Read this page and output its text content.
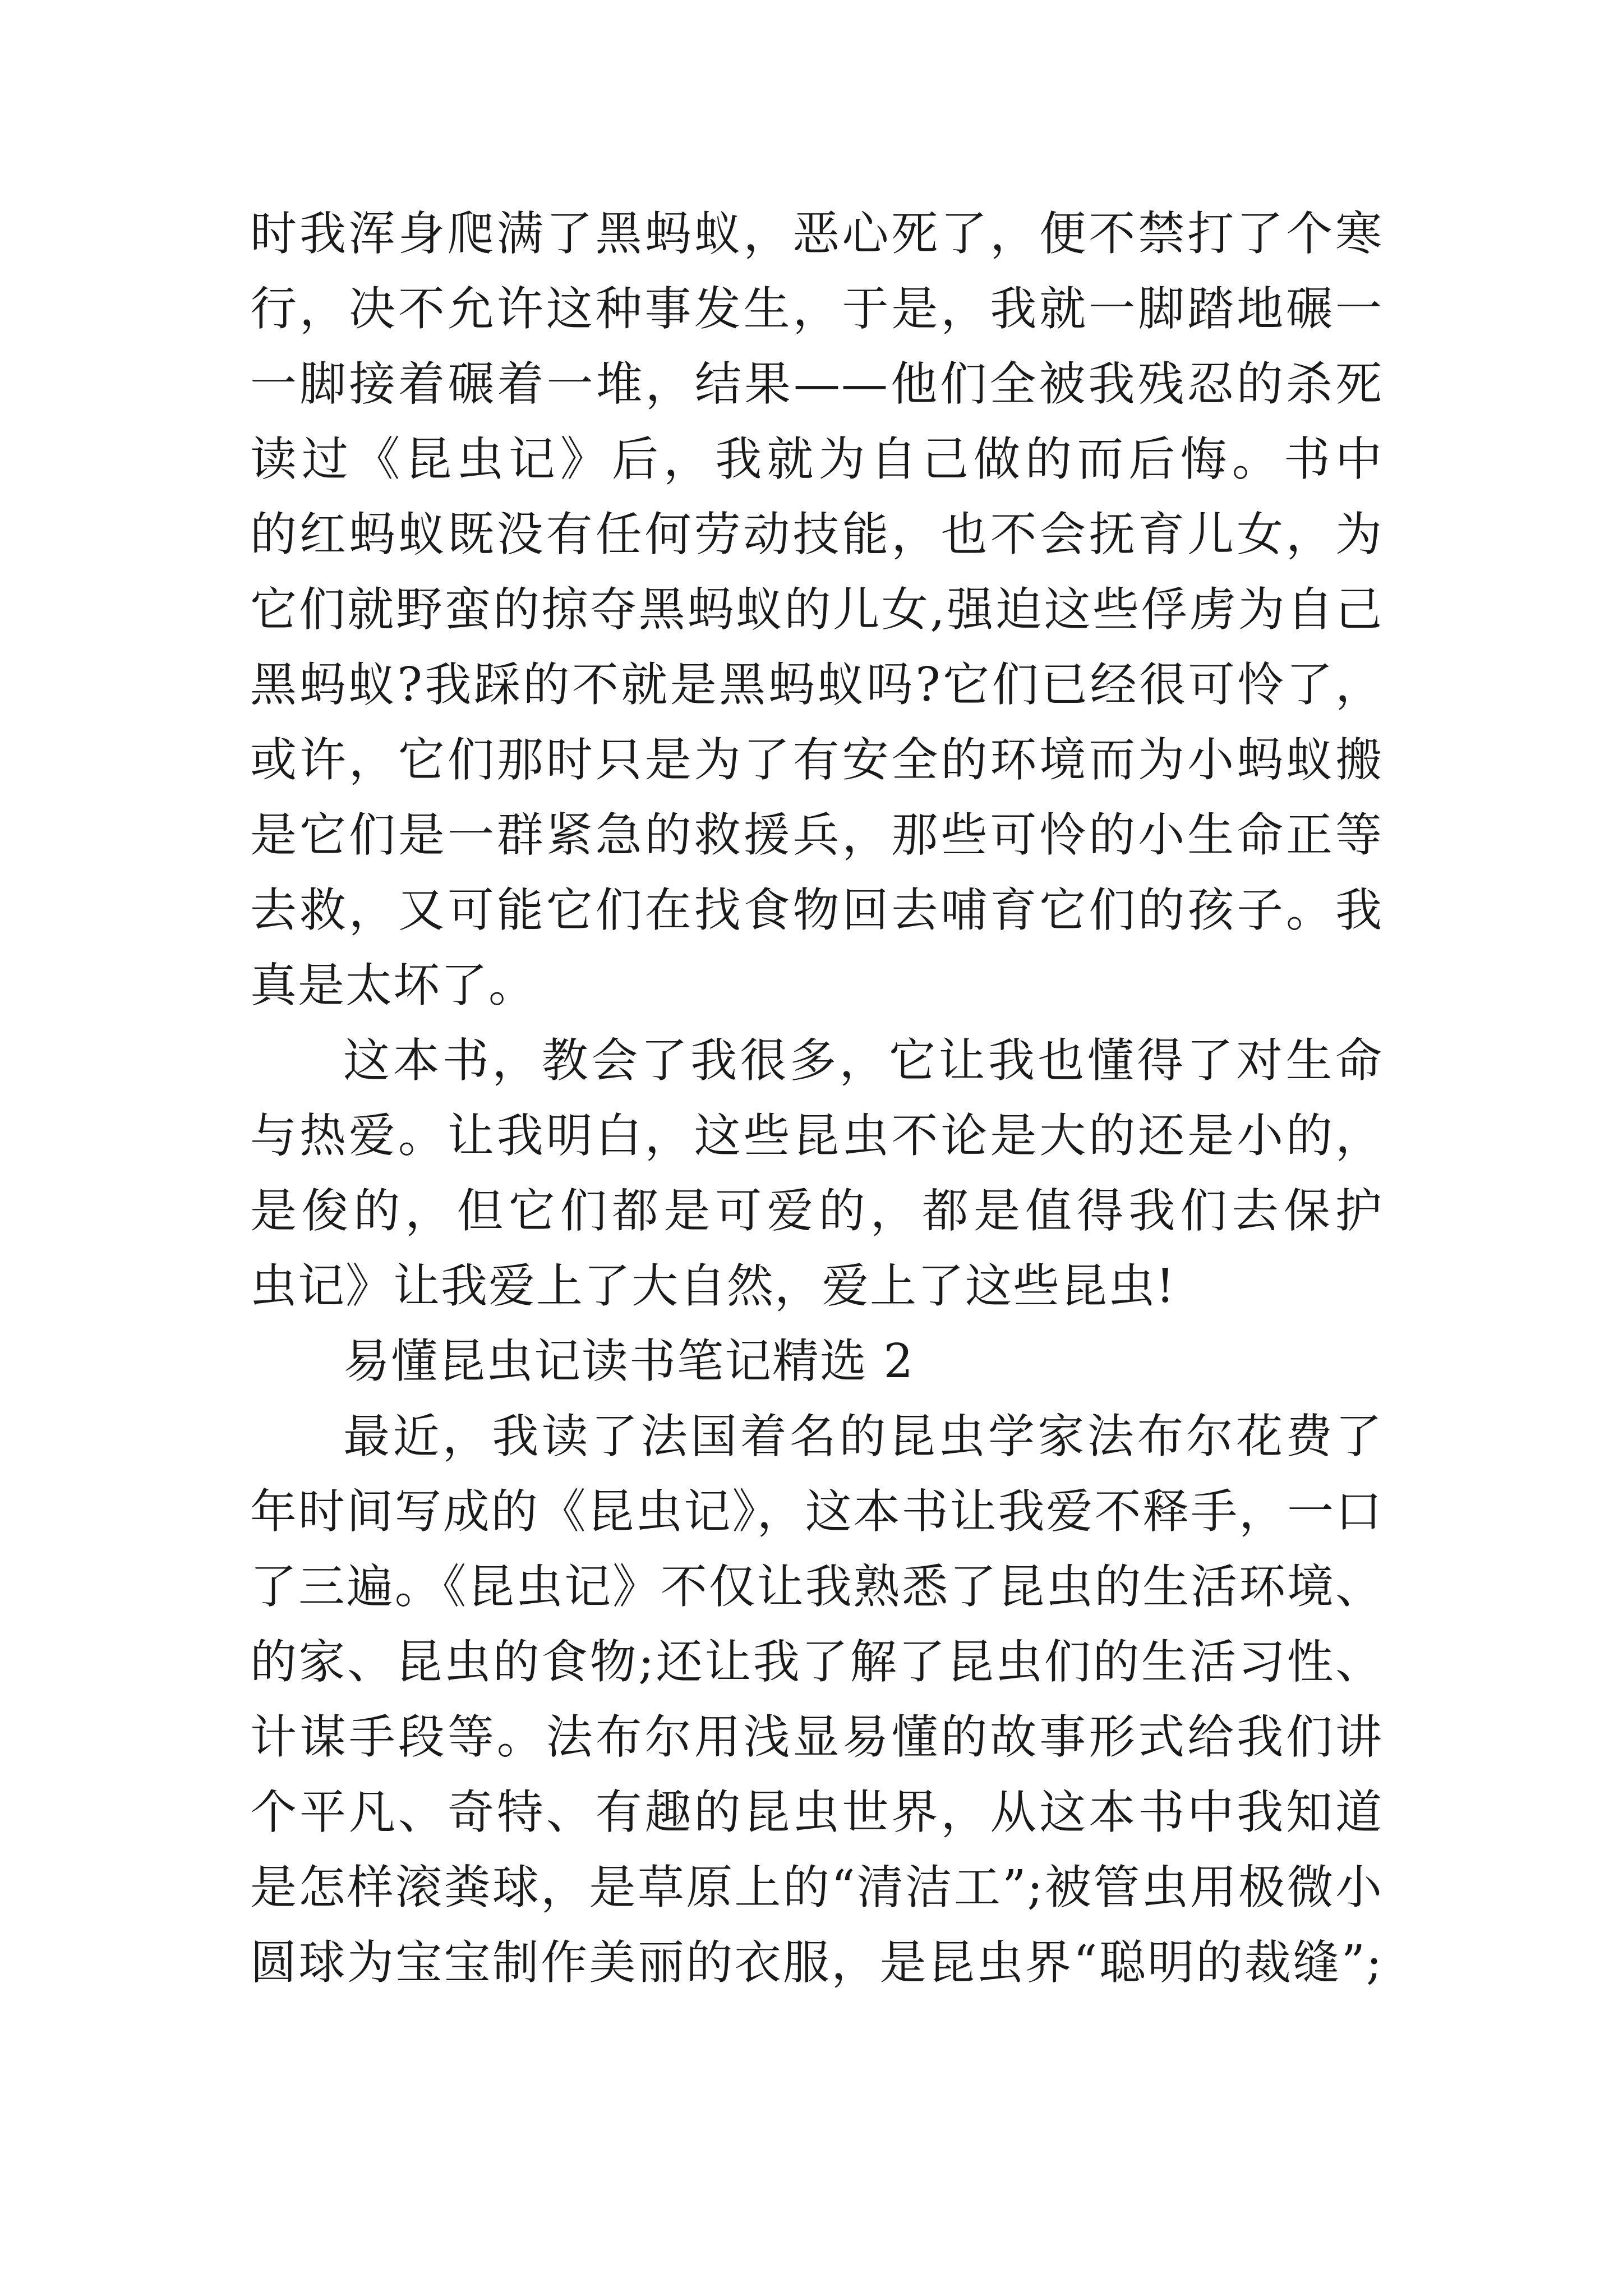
时我浑身爬满了黑蚂蚁，恶心死了，便不禁打了个寒
行，决不允许这种事发生，于是，我就一脚踏地碾一
一脚接着碾着一堆，结果——他们全被我残忍的杀死
读过《昆虫记》后，我就为自己做的而后悔。书中
的红蚂蚁既没有任何劳动技能，也不会抚育儿女，为
它们就野蛮的掠夺黑蚂蚁的儿女,强迫这些俘虏为自己
黑蚂蚁?我踩的不就是黑蚂蚁吗?它们已经很可怜了，
或许，它们那时只是为了有安全的环境而为小蚂蚁搬
是它们是一群紧急的救援兵，那些可怜的小生命正等
去救，又可能它们在找食物回去哺育它们的孩子。我
真是太坏了。
这本书，教会了我很多，它让我也懂得了对生命
与热爱。让我明白，这些昆虫不论是大的还是小的，
是俊的，但它们都是可爱的，都是值得我们去保护
虫记》让我爱上了大自然，爱上了这些昆虫!
易懂昆虫记读书笔记精选 2
最近，我读了法国着名的昆虫学家法布尔花费了
年时间写成的《昆虫记》，这本书让我爱不释手，一口
了三遍。《昆虫记》不仅让我熟悉了昆虫的生活环境、
的家、昆虫的食物;还让我了解了昆虫们的生活习性、
计谋手段等。法布尔用浅显易懂的故事形式给我们讲
个平凡、奇特、有趣的昆虫世界，从这本书中我知道
是怎样滚粪球，是草原上的“清洁工”;被管虫用极微小
圆球为宝宝制作美丽的衣服，是昆虫界“聪明的裁缝”;
